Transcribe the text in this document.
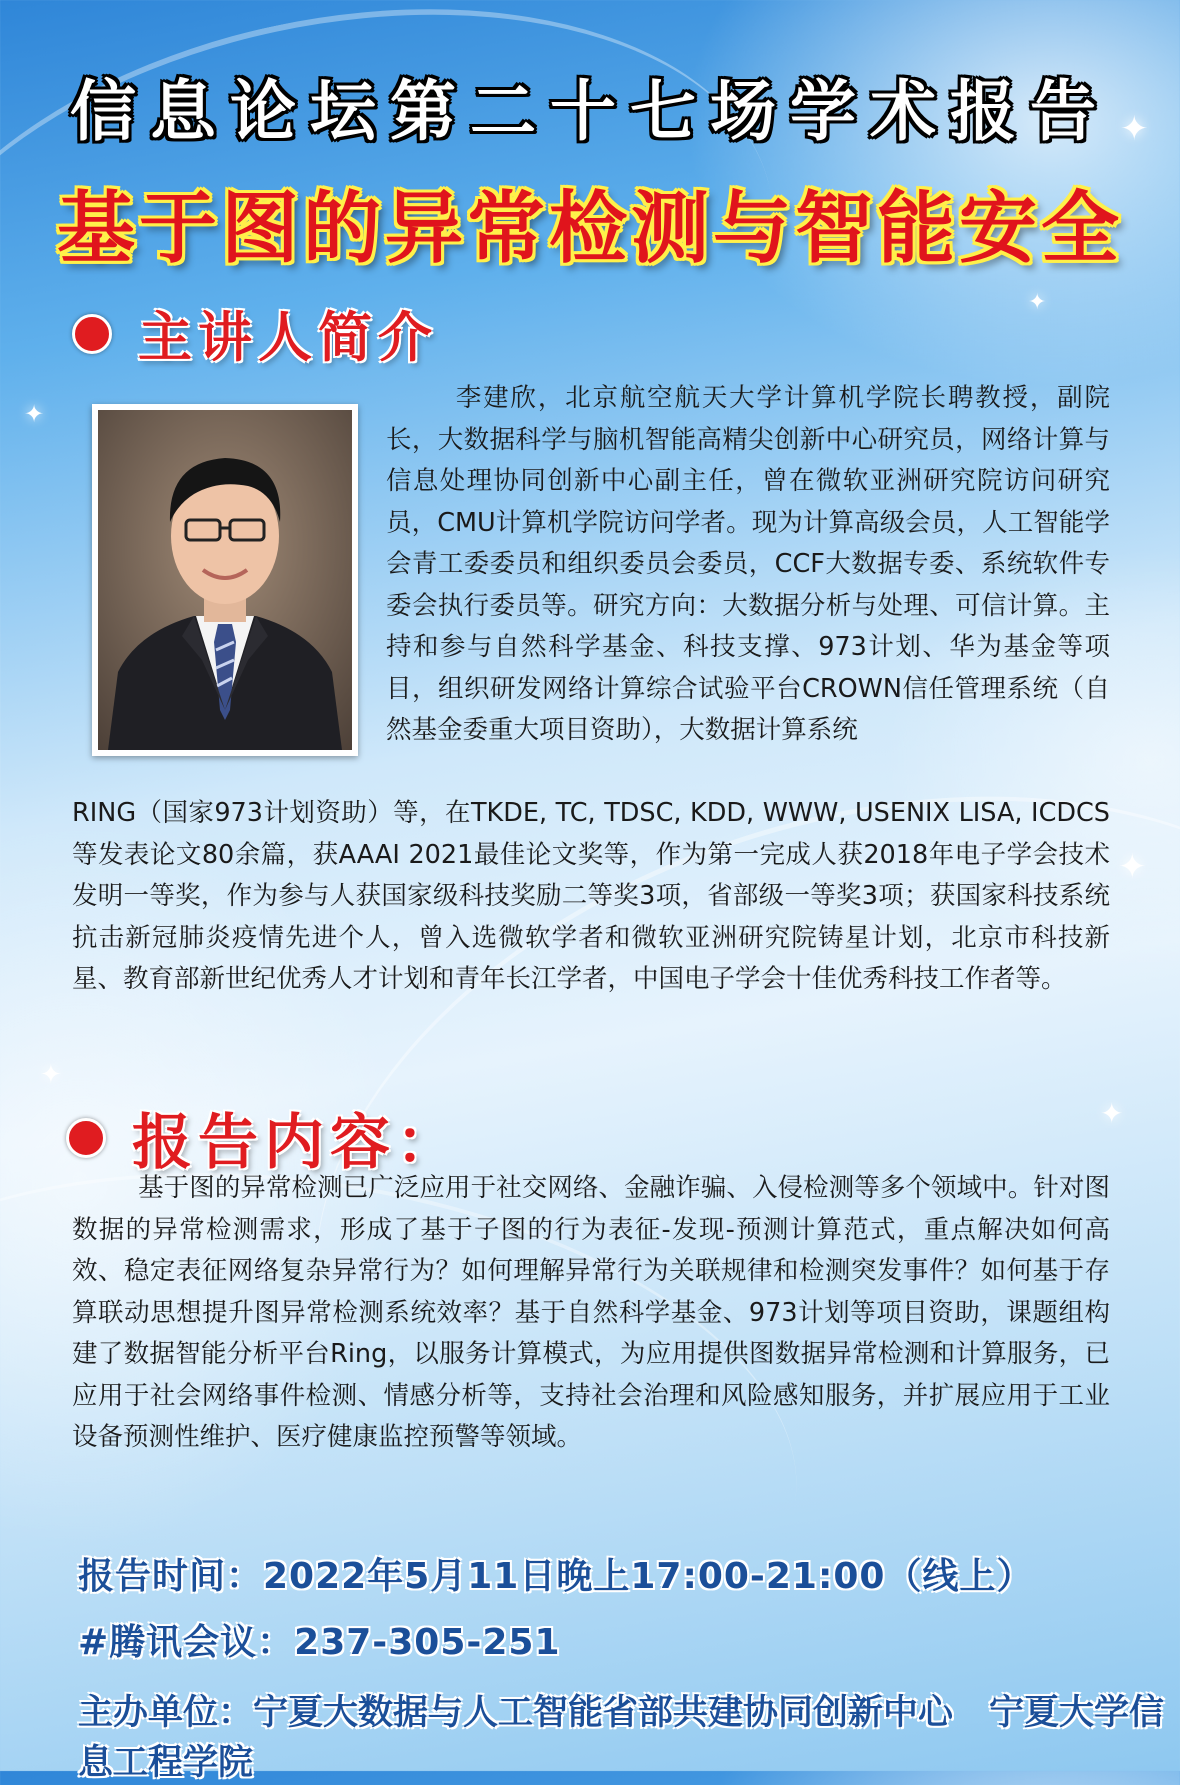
✦
✦
✦
✦
✦
✦
信息论坛第二十七场学术报告
基于图的异常检测与智能安全
主讲人简介
李建欣，北京航空航天大学计算机学院长聘教授，副院长，大数据科学与脑机智能高精尖创新中心研究员，网络计算与信息处理协同创新中心副主任，曾在微软亚洲研究院访问研究员，CMU计算机学院访问学者。现为计算高级会员，人工智能学会青工委委员和组织委员会委员，CCF大数据专委、系统软件专委会执行委员等。研究方向：大数据分析与处理、可信计算。主持和参与自然科学基金、科技支撑、973计划、华为基金等项目，组织研发网络计算综合试验平台CROWN信任管理系统（自然基金委重大项目资助），大数据计算系统
RING（国家973计划资助）等，在TKDE, TC, TDSC, KDD, WWW, USENIX LISA, ICDCS等发表论文80余篇，获AAAI 2021最佳论文奖等，作为第一完成人获2018年电子学会技术发明一等奖，作为参与人获国家级科技奖励二等奖3项，省部级一等奖3项；获国家科技系统抗击新冠肺炎疫情先进个人，曾入选微软学者和微软亚洲研究院铸星计划，北京市科技新星、教育部新世纪优秀人才计划和青年长江学者，中国电子学会十佳优秀科技工作者等。
报告内容：
基于图的异常检测已广泛应用于社交网络、金融诈骗、入侵检测等多个领域中。针对图数据的异常检测需求，形成了基于子图的行为表征-发现-预测计算范式，重点解决如何高效、稳定表征网络复杂异常行为？如何理解异常行为关联规律和检测突发事件？如何基于存算联动思想提升图异常检测系统效率？基于自然科学基金、973计划等项目资助，课题组构建了数据智能分析平台Ring，以服务计算模式，为应用提供图数据异常检测和计算服务，已应用于社会网络事件检测、情感分析等，支持社会治理和风险感知服务，并扩展应用于工业设备预测性维护、医疗健康监控预警等领域。
报告时间：2022年5月11日晚上17:00-21:00（线上）
#腾讯会议：237-305-251
主办单位：宁夏大数据与人工智能省部共建协同创新中心 宁夏大学信息工程学院
